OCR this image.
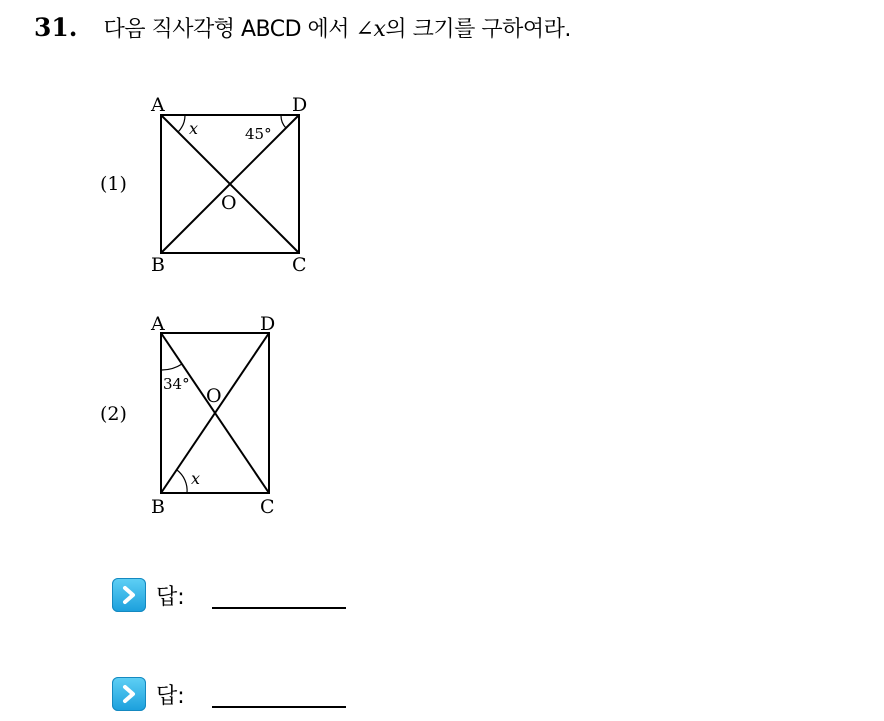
31. 다음 직사각형 ABCD 에서 ∠x의 크기를 구하여라.
(1)
A	D
B	C
O
x	45°
(2)
A	D
B	C
O
34°
x
답:
답:
